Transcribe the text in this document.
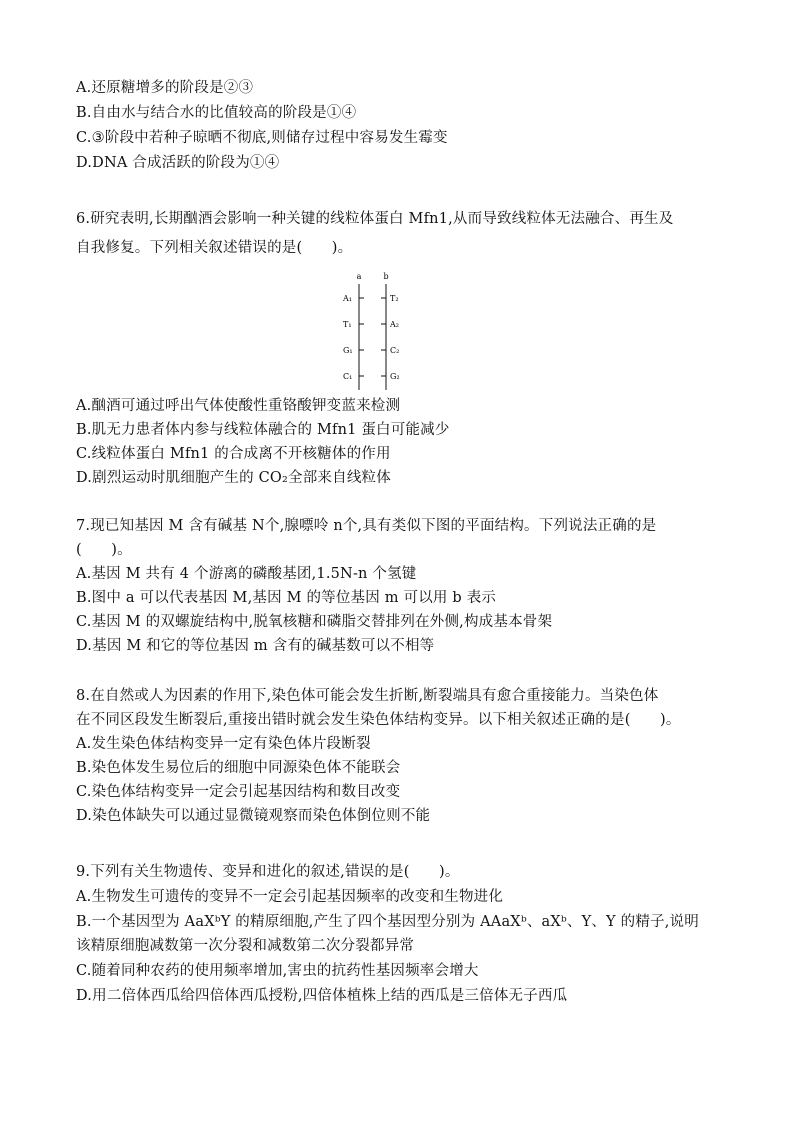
A.还原糖增多的阶段是②③
B.自由水与结合水的比值较高的阶段是①④
C.③阶段中若种子晾晒不彻底,则储存过程中容易发生霉变
D.DNA 合成活跃的阶段为①④
6.研究表明,长期酗酒会影响一种关键的线粒体蛋白 Mfn1,从而导致线粒体无法融合、再生及
自我修复。下列相关叙述错误的是(　　)。
a	b
A₁
T₁
G₁
C₁
T₂
A₂
C₂
G₂
A.酗酒可通过呼出气体使酸性重铬酸钾变蓝来检测
B.肌无力患者体内参与线粒体融合的 Mfn1 蛋白可能减少
C.线粒体蛋白 Mfn1 的合成离不开核糖体的作用
D.剧烈运动时肌细胞产生的 CO₂全部来自线粒体
7.现已知基因 M 含有碱基 N个,腺嘌呤 n个,具有类似下图的平面结构。下列说法正确的是
(　　)。
A.基因 M 共有 4 个游离的磷酸基团,1.5N-n 个氢键
B.图中 a 可以代表基因 M,基因 M 的等位基因 m 可以用 b 表示
C.基因 M 的双螺旋结构中,脱氧核糖和磷脂交替排列在外侧,构成基本骨架
D.基因 M 和它的等位基因 m 含有的碱基数可以不相等
8.在自然或人为因素的作用下,染色体可能会发生折断,断裂端具有愈合重接能力。当染色体
在不同区段发生断裂后,重接出错时就会发生染色体结构变异。以下相关叙述正确的是(　　)。
A.发生染色体结构变异一定有染色体片段断裂
B.染色体发生易位后的细胞中同源染色体不能联会
C.染色体结构变异一定会引起基因结构和数目改变
D.染色体缺失可以通过显微镜观察而染色体倒位则不能
9.下列有关生物遗传、变异和进化的叙述,错误的是(　　)。
A.生物发生可遗传的变异不一定会引起基因频率的改变和生物进化
B.一个基因型为 AaXᵇY 的精原细胞,产生了四个基因型分别为 AAaXᵇ、aXᵇ、Y、Y 的精子,说明
该精原细胞减数第一次分裂和减数第二次分裂都异常
C.随着同种农药的使用频率增加,害虫的抗药性基因频率会增大
D.用二倍体西瓜给四倍体西瓜授粉,四倍体植株上结的西瓜是三倍体无子西瓜
